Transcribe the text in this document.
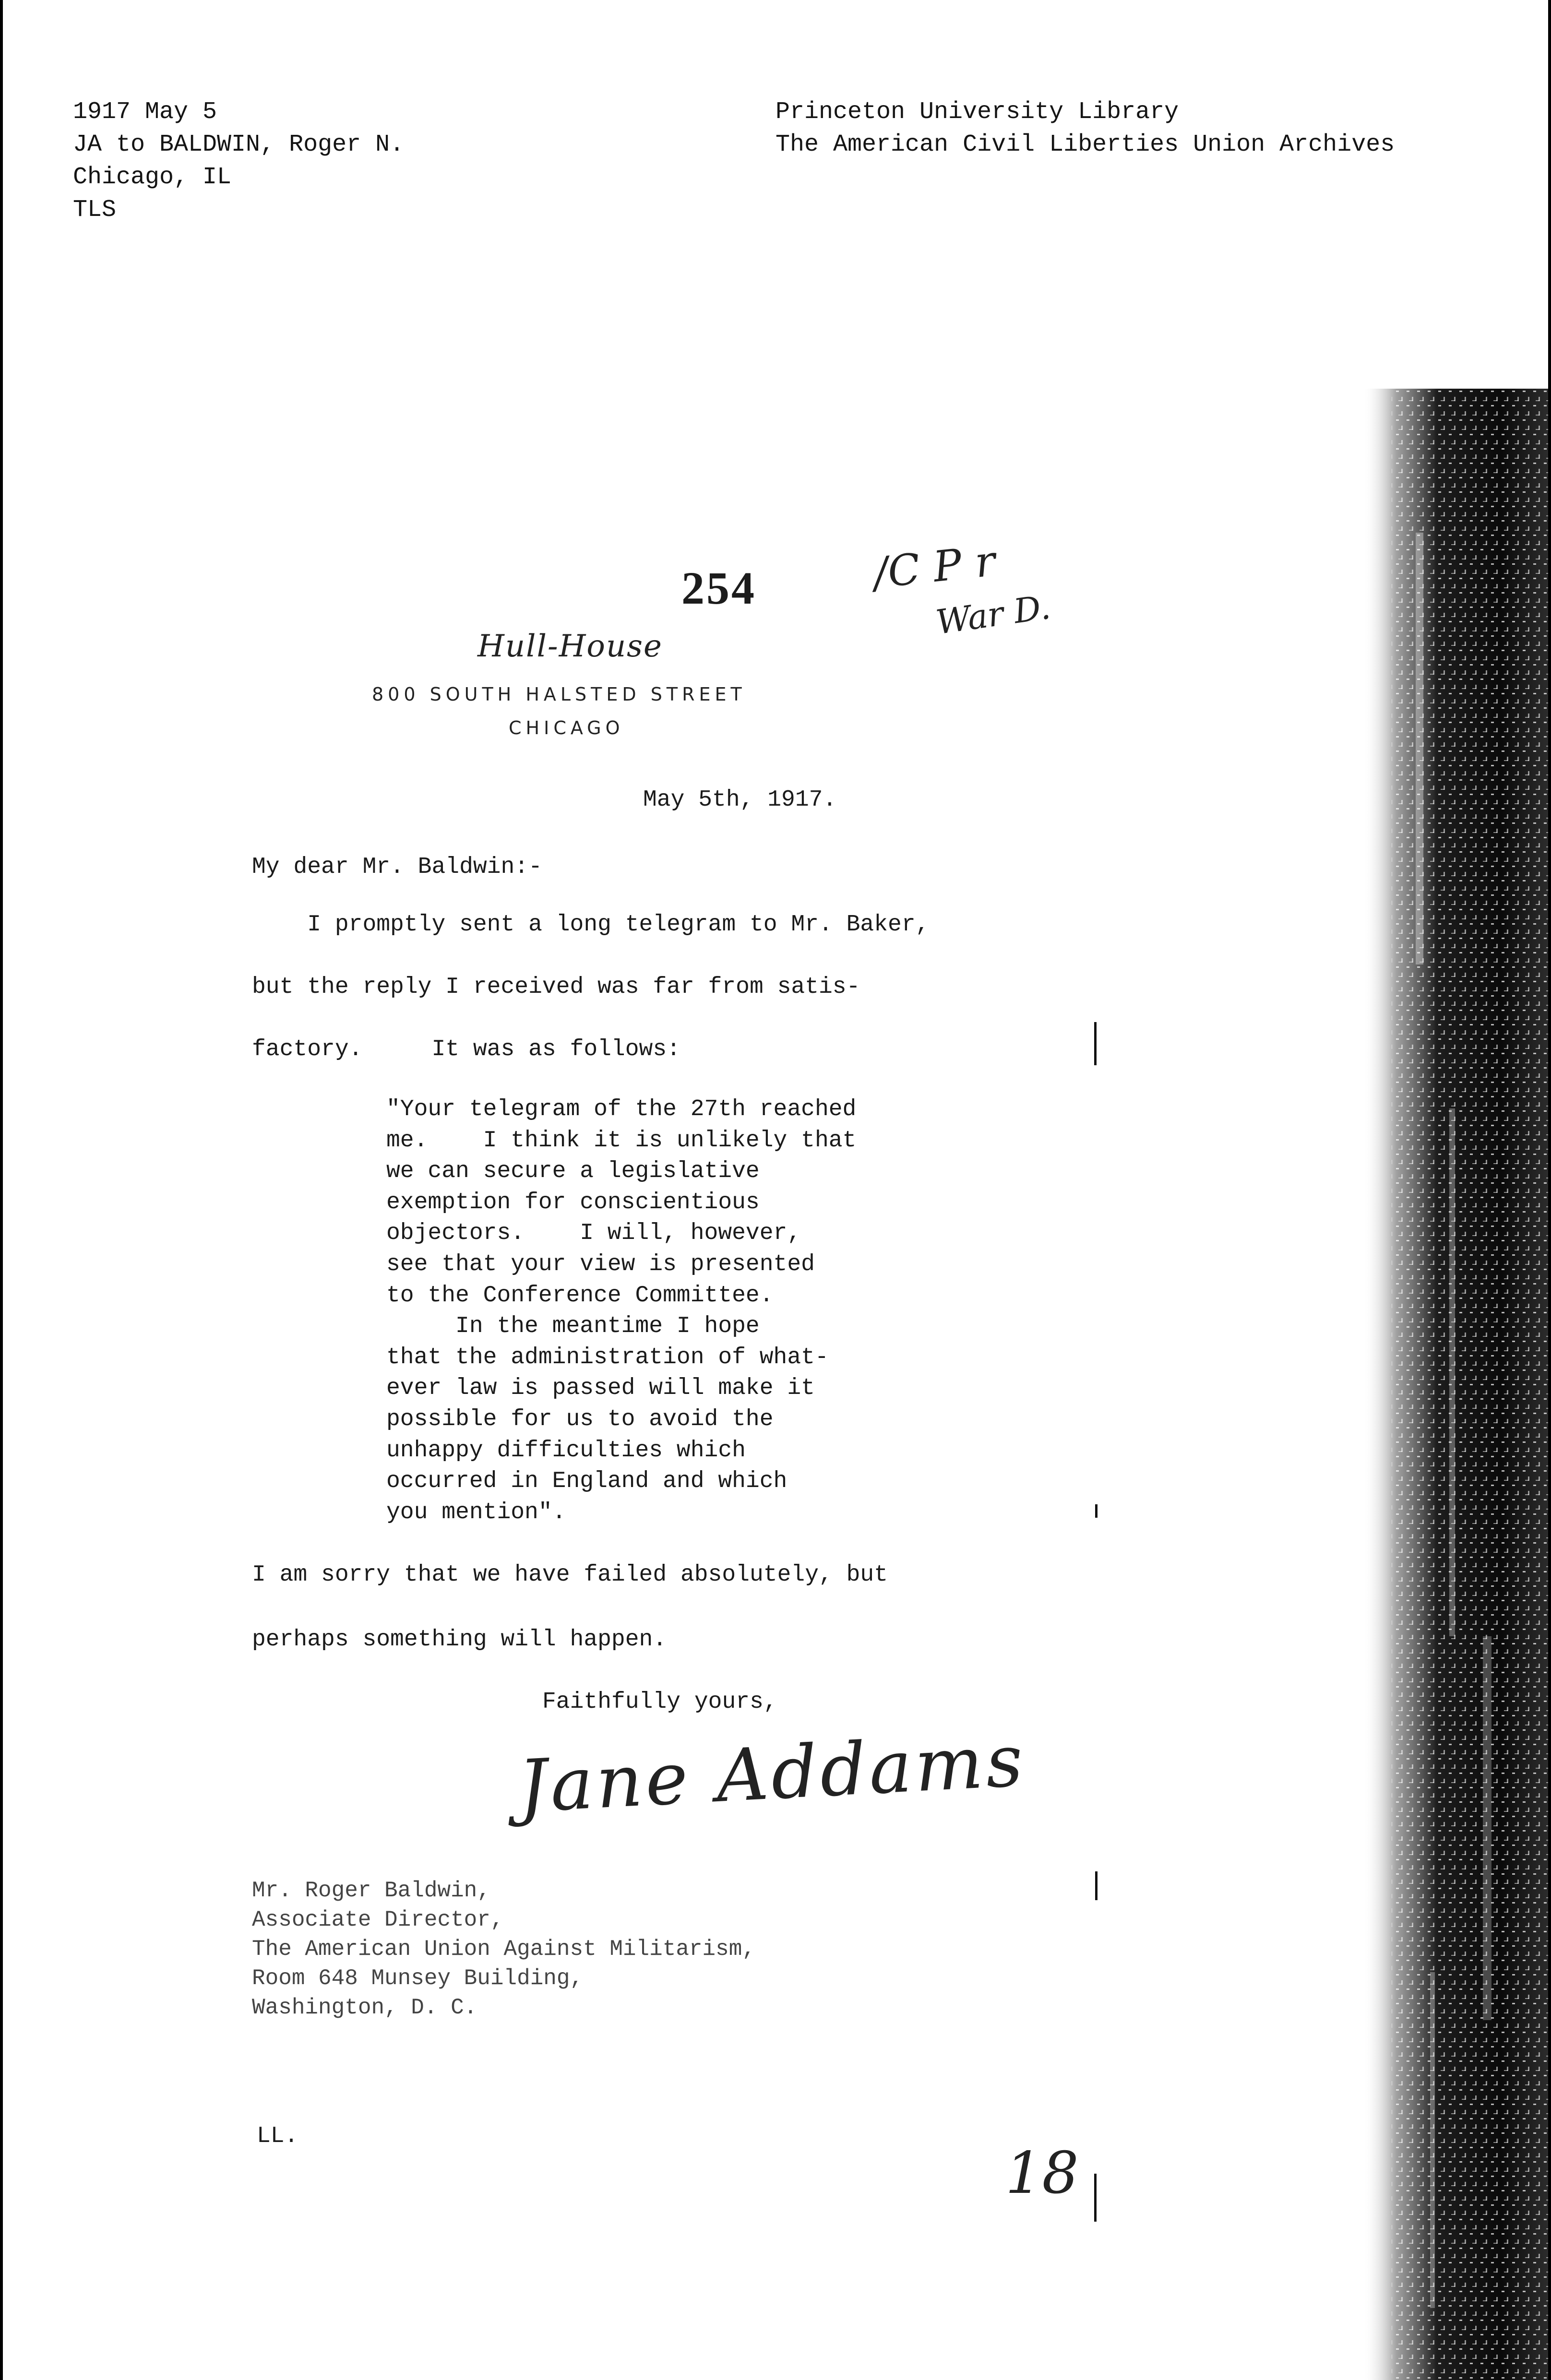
1917 May 5
JA to BALDWIN, Roger N.
Chicago, IL
TLS
Princeton University Library
The American Civil Liberties Union Archives
254	/C P r
War D.
Hull-House
800 SOUTH HALSTED STREET
CHICAGO
May 5th, 1917.
My dear Mr. Baldwin:-
I promptly sent a long telegram to Mr. Baker,
but the reply I received was far from satis-
factory.     It was as follows:
"Your telegram of the 27th reached
me.    I think it is unlikely that
we can secure a legislative
exemption for conscientious
objectors.    I will, however,
see that your view is presented
to the Conference Committee.
In the meantime I hope
that the administration of what-
ever law is passed will make it
possible for us to avoid the
unhappy difficulties which
occurred in England and which
you mention".
I am sorry that we have failed absolutely, but
perhaps something will happen.
Faithfully yours,
Jane Addams
Mr. Roger Baldwin,
Associate Director,
The American Union Against Militarism,
Room 648 Munsey Building,
Washington, D. C.
LL.
18
